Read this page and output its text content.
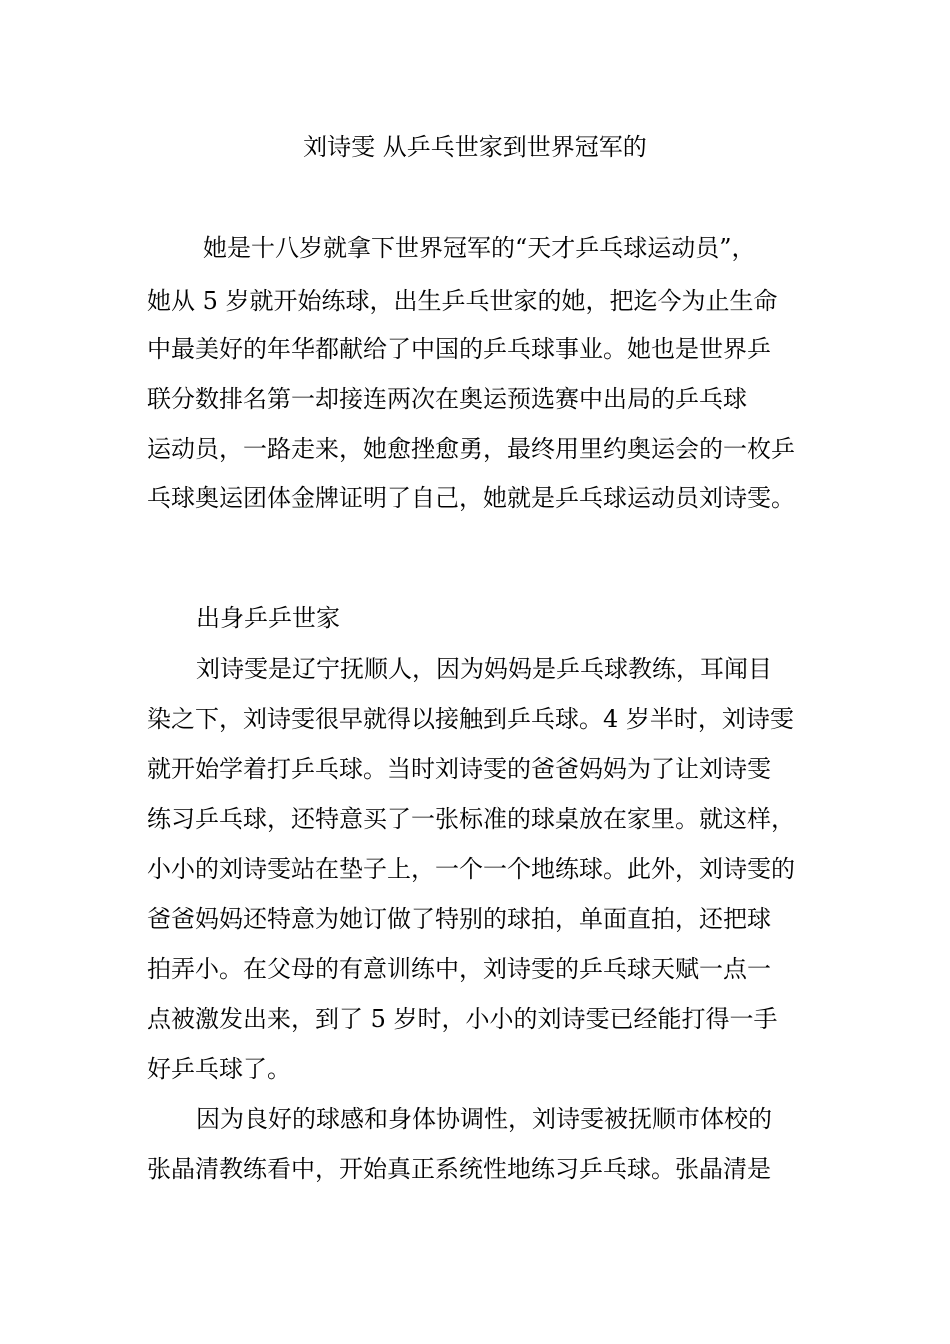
刘诗雯 从乒乓世家到世界冠军的
她是十八岁就拿下世界冠军的“天才乒乓球运动员”，
她从 5 岁就开始练球，出生乒乓世家的她，把迄今为止生命
中最美好的年华都献给了中国的乒乓球事业。她也是世界乒
联分数排名第一却接连两次在奥运预选赛中出局的乒乓球
运动员，一路走来，她愈挫愈勇，最终用里约奥运会的一枚乒
乓球奥运团体金牌证明了自己，她就是乒乓球运动员刘诗雯。
出身乒乒世家
刘诗雯是辽宁抚顺人，因为妈妈是乒乓球教练，耳闻目
染之下，刘诗雯很早就得以接触到乒乓球。4 岁半时，刘诗雯
就开始学着打乒乓球。当时刘诗雯的爸爸妈妈为了让刘诗雯
练习乒乓球，还特意买了一张标准的球桌放在家里。就这样，
小小的刘诗雯站在垫子上，一个一个地练球。此外，刘诗雯的
爸爸妈妈还特意为她订做了特别的球拍，单面直拍，还把球
拍弄小。在父母的有意训练中，刘诗雯的乒乓球天赋一点一
点被激发出来，到了 5 岁时，小小的刘诗雯已经能打得一手
好乒乓球了。
因为良好的球感和身体协调性，刘诗雯被抚顺市体校的
张晶清教练看中，开始真正系统性地练习乒乓球。张晶清是
